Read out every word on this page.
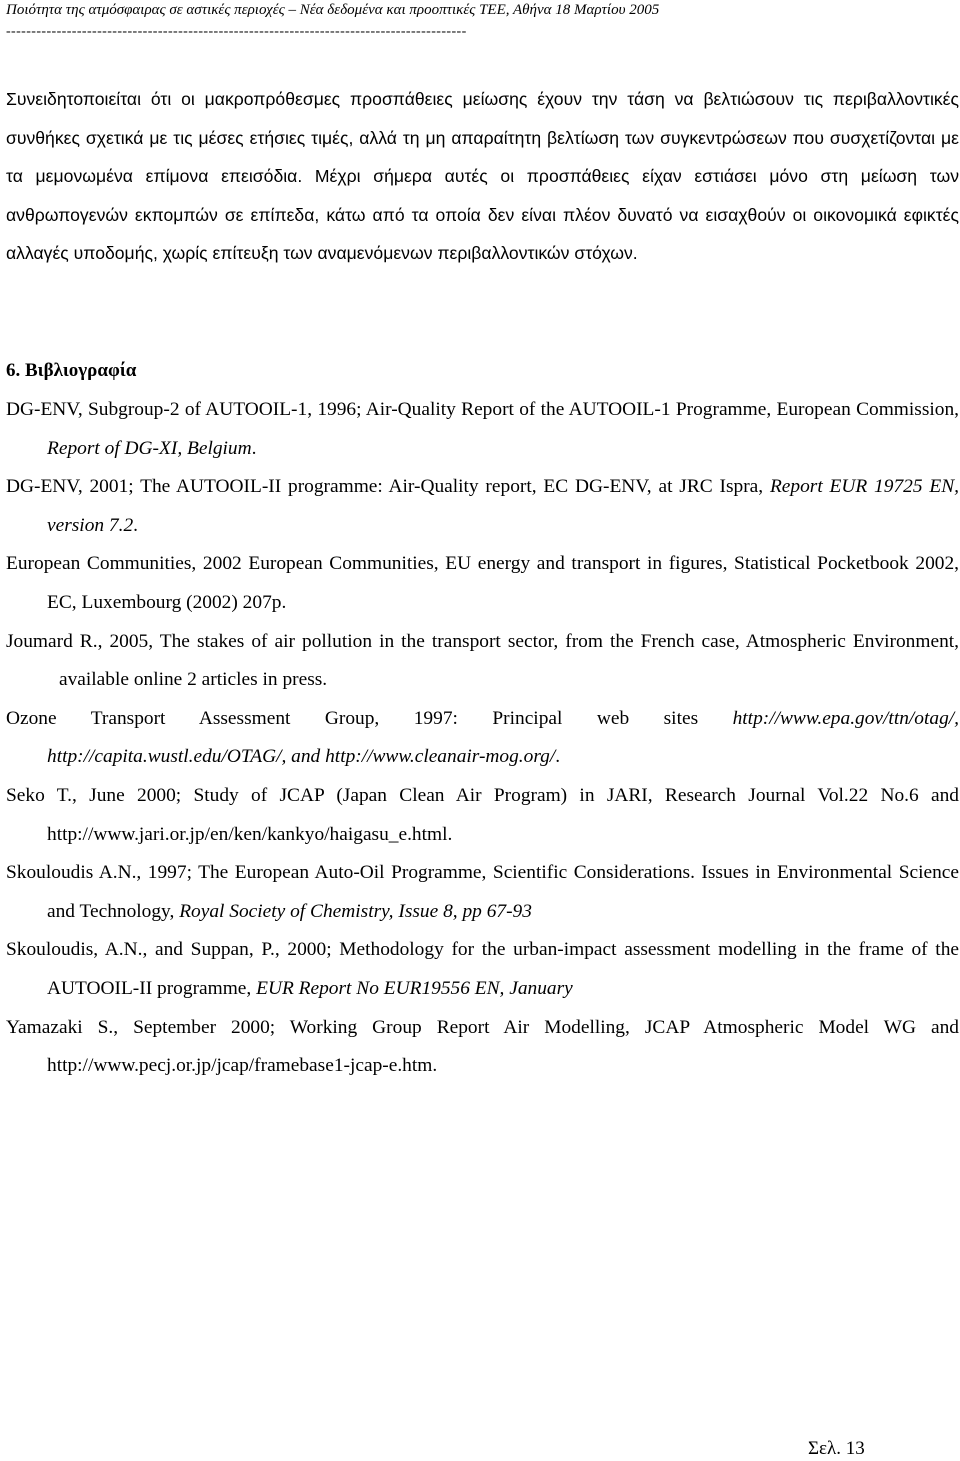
Ποιότητα της ατμόσφαιρας σε αστικές περιοχές – Νέα δεδομένα και προοπτικές ΤΕΕ, Αθήνα 18 Μαρτίου 2005
-------------------------------------------------------------------------------------------

Συνειδητοποιείται ότι οι μακροπρόθεσμες προσπάθειες μείωσης έχουν την τάση να βελτιώσουν τις περιβαλλοντικές συνθήκες σχετικά με τις μέσες ετήσιες τιμές, αλλά τη μη απαραίτητη βελτίωση των συγκεντρώσεων που συσχετίζονται με τα μεμονωμένα επίμονα επεισόδια. Μέχρι σήμερα αυτές οι προσπάθειες είχαν εστιάσει μόνο στη μείωση των ανθρωπογενών εκπομπών σε επίπεδα, κάτω από τα οποία δεν είναι πλέον δυνατό να εισαχθούν οι οικονομικά εφικτές αλλαγές υποδομής, χωρίς επίτευξη των αναμενόμενων περιβαλλοντικών στόχων.

6. Βιβλιογραφία

DG-ENV, Subgroup-2 of AUTOOIL-1, 1996; Air-Quality Report of the AUTOOIL-1 Programme, European Commission, Report of DG-XI, Belgium.

DG-ENV, 2001; The AUTOOIL-II programme: Air-Quality report, EC DG-ENV, at JRC Ispra, Report EUR 19725 EN, version 7.2.

European Communities, 2002 European Communities, EU energy and transport in figures, Statistical Pocketbook 2002, EC, Luxembourg (2002) 207p.

Joumard R., 2005, The stakes of air pollution in the transport sector, from the French case, Atmospheric Environment, available online 2 articles in press.

Ozone Transport Assessment Group, 1997: Principal web sites http://www.epa.gov/ttn/otag/, http://capita.wustl.edu/OTAG/, and http://www.cleanair-mog.org/.

Seko T., June 2000; Study of JCAP (Japan Clean Air Program) in JARI, Research Journal Vol.22 No.6 and http://www.jari.or.jp/en/ken/kankyo/haigasu_e.html.

Skouloudis A.N., 1997; The European Auto-Oil Programme, Scientific Considerations. Issues in Environmental Science and Technology, Royal Society of Chemistry, Issue 8, pp 67-93

Skouloudis, A.N., and Suppan, P., 2000; Methodology for the urban-impact assessment modelling in the frame of the AUTOOIL-II programme, EUR Report No EUR19556 EN, January

Yamazaki S., September 2000; Working Group Report Air Modelling, JCAP Atmospheric Model WG and http://www.pecj.or.jp/jcap/framebase1-jcap-e.htm.

Σελ. 13
